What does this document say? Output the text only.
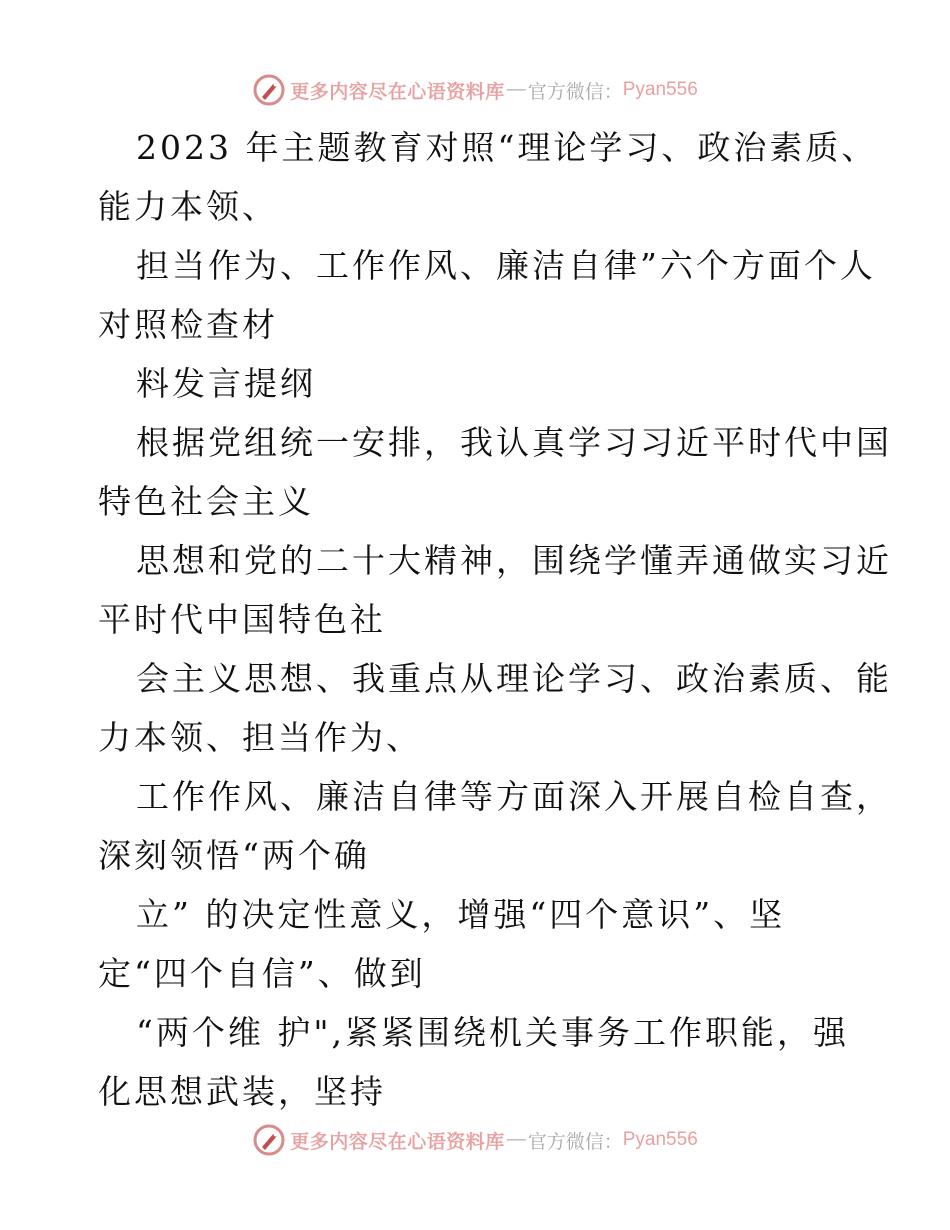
更多内容尽在心语资料库 — 官方微信： Pyan556

2023 年主题教育对照“理论学习、政治素质、

能力本领、

担当作为、工作作风、廉洁自律”六个方面个人

对照检查材

料发言提纲

根据党组统一安排，我认真学习习近平时代中国

特色社会主义

思想和党的二十大精神，围绕学懂弄通做实习近

平时代中国特色社

会主义思想、我重点从理论学习、政治素质、能

力本领、担当作为、

工作作风、廉洁自律等方面深入开展自检自查，

深刻领悟“两个确

立” 的决定性意义，增强“四个意识”、坚

定“四个自信”、做到

“两个维 护",紧紧围绕机关事务工作职能，强

化思想武装，坚持

更多内容尽在心语资料库 — 官方微信： Pyan556
